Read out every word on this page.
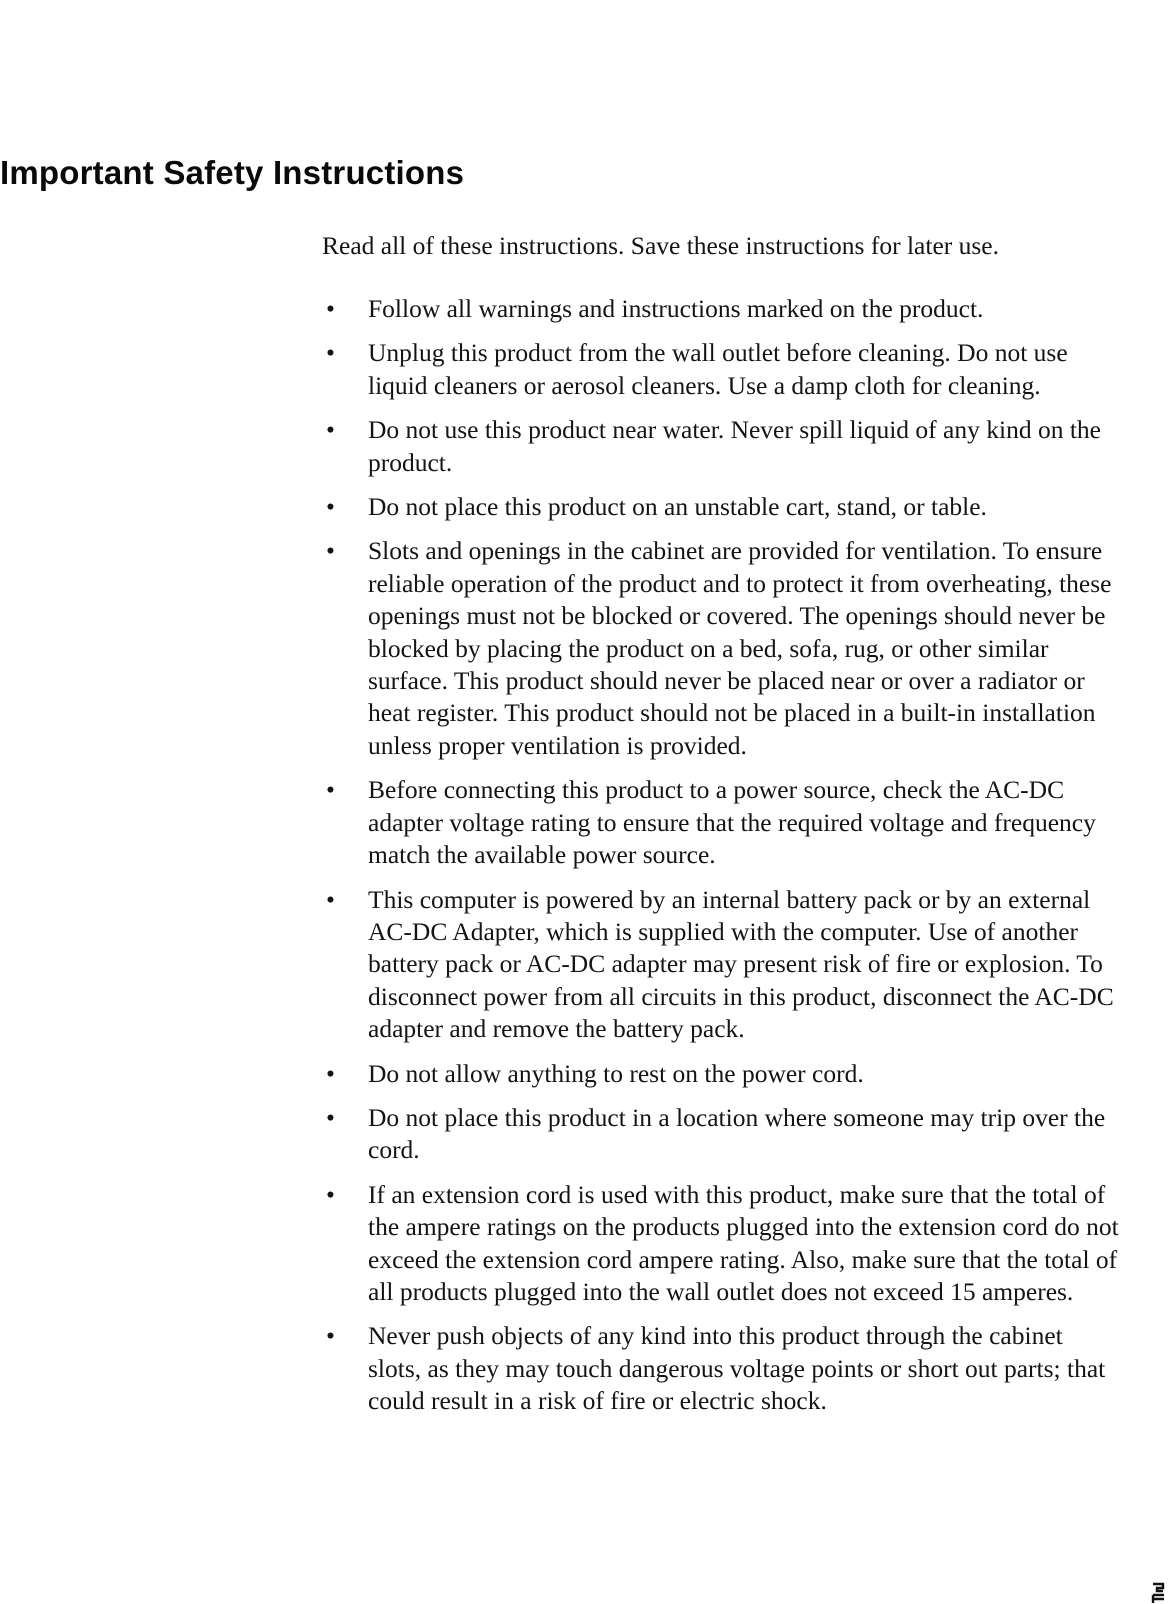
Important Safety Instructions

Read all of these instructions. Save these instructions for later use.

• Follow all warnings and instructions marked on the product.
• Unplug this product from the wall outlet before cleaning. Do not use liquid cleaners or aerosol cleaners. Use a damp cloth for cleaning.
• Do not use this product near water. Never spill liquid of any kind on the product.
• Do not place this product on an unstable cart, stand, or table.
• Slots and openings in the cabinet are provided for ventilation. To ensure reliable operation of the product and to protect it from overheating, these openings must not be blocked or covered. The openings should never be blocked by placing the product on a bed, sofa, rug, or other similar surface. This product should never be placed near or over a radiator or heat register. This product should not be placed in a built-in installation unless proper ventilation is provided.
• Before connecting this product to a power source, check the AC-DC adapter voltage rating to ensure that the required voltage and frequency match the available power source.
• This computer is powered by an internal battery pack or by an external AC-DC Adapter, which is supplied with the computer. Use of another battery pack or AC-DC adapter may present risk of fire or explosion. To disconnect power from all circuits in this product, disconnect the AC-DC adapter and remove the battery pack.
• Do not allow anything to rest on the power cord.
• Do not place this product in a location where someone may trip over the cord.
• If an extension cord is used with this product, make sure that the total of the ampere ratings on the products plugged into the extension cord do not exceed the extension cord ampere rating. Also, make sure that the total of all products plugged into the wall outlet does not exceed 15 amperes.
• Never push objects of any kind into this product through the cabinet slots, as they may touch dangerous voltage points or short out parts; that could result in a risk of fire or electric shock.
